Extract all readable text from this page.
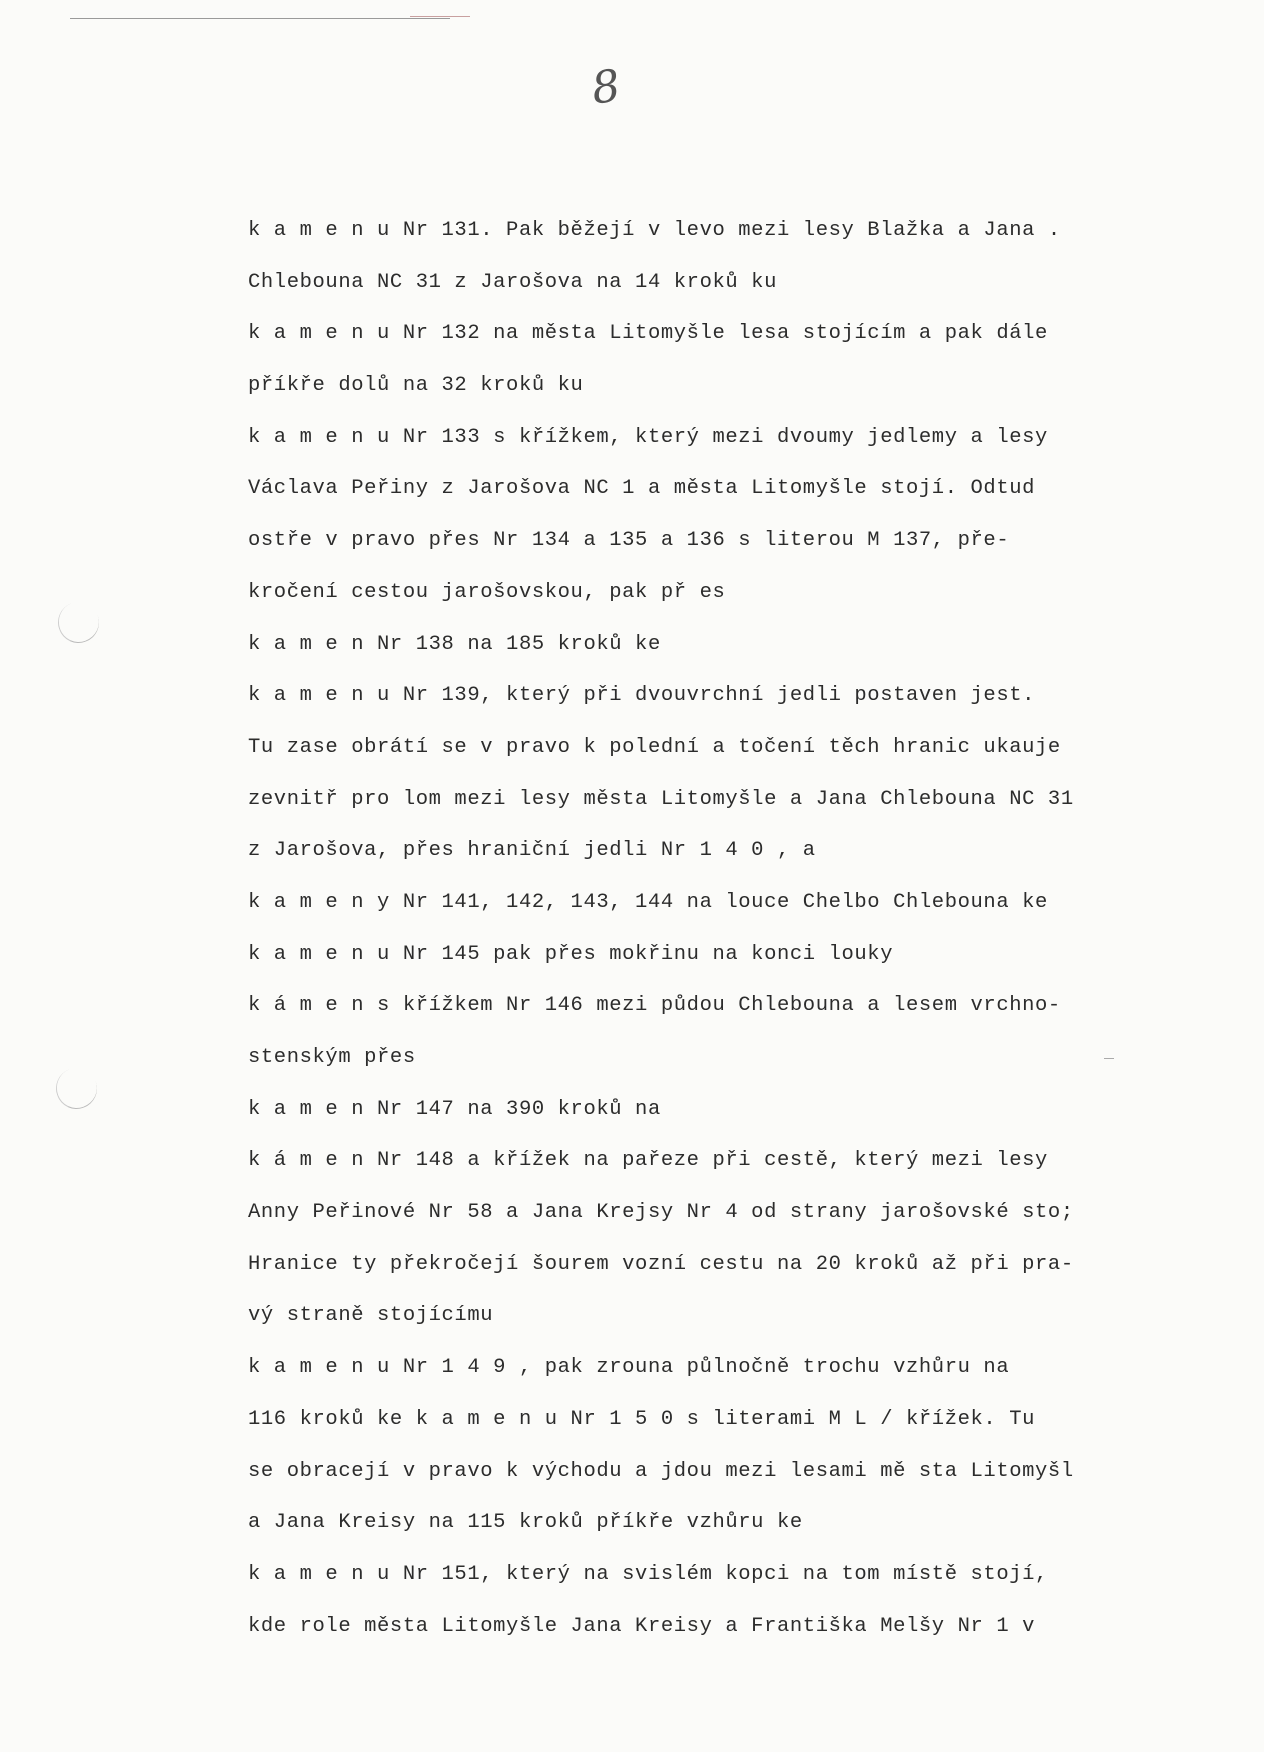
8
k a m e n u Nr 131. Pak běžejí v levo mezi lesy Blažka a Jana .
Chlebouna NC 31 z Jarošova na 14 kroků ku
k a m e n u Nr 132 na města Litomyšle lesa stojícím a pak dále
příkře dolů na 32 kroků ku
k a m e n u Nr 133 s křížkem, který mezi dvoumy jedlemy a lesy
Václava Peřiny z Jarošova NC 1 a města Litomyšle stojí. Odtud
ostře v pravo přes Nr 134 a 135 a 136 s literou M 137, pře-
kročení cestou jarošovskou, pak př es
k a m e n Nr 138 na 185 kroků ke
k a m e n u Nr 139, který při dvouvrchní jedli postaven jest.
Tu zase obrátí se v pravo k polední a točení těch hranic ukauje
zevnitř pro lom mezi lesy města Litomyšle a Jana Chlebouna NC 31
z Jarošova, přes hraniční jedli Nr 1 4 0 , a
k a m e n y Nr 141, 142, 143, 144 na louce Chelbo Chlebouna ke
k a m e n u Nr 145 pak přes mokřinu na konci louky
k á m e n s křížkem Nr 146 mezi půdou Chlebouna a lesem vrchno-
stenským přes
k a m e n Nr 147 na 390 kroků na
k á m e n Nr 148 a křížek na pařeze při cestě, který mezi lesy
Anny Peřinové Nr 58 a Jana Krejsy Nr 4 od strany jarošovské sto;
Hranice ty překročejí šourem vozní cestu na 20 kroků až při pra-
vý straně stojícímu
k a m e n u Nr 1 4 9 , pak zrouna půlnočně trochu vzhůru na
116 kroků ke k a m e n u Nr 1 5 0 s literami M L / křížek. Tu
se obracejí v pravo k východu a jdou mezi lesami mě sta Litomyšl
a Jana Kreisy na 115 kroků příkře vzhůru ke
k a m e n u Nr 151, který na svislém kopci na tom místě stojí,
kde role města Litomyšle Jana Kreisy a Františka Melšy Nr 1 v
